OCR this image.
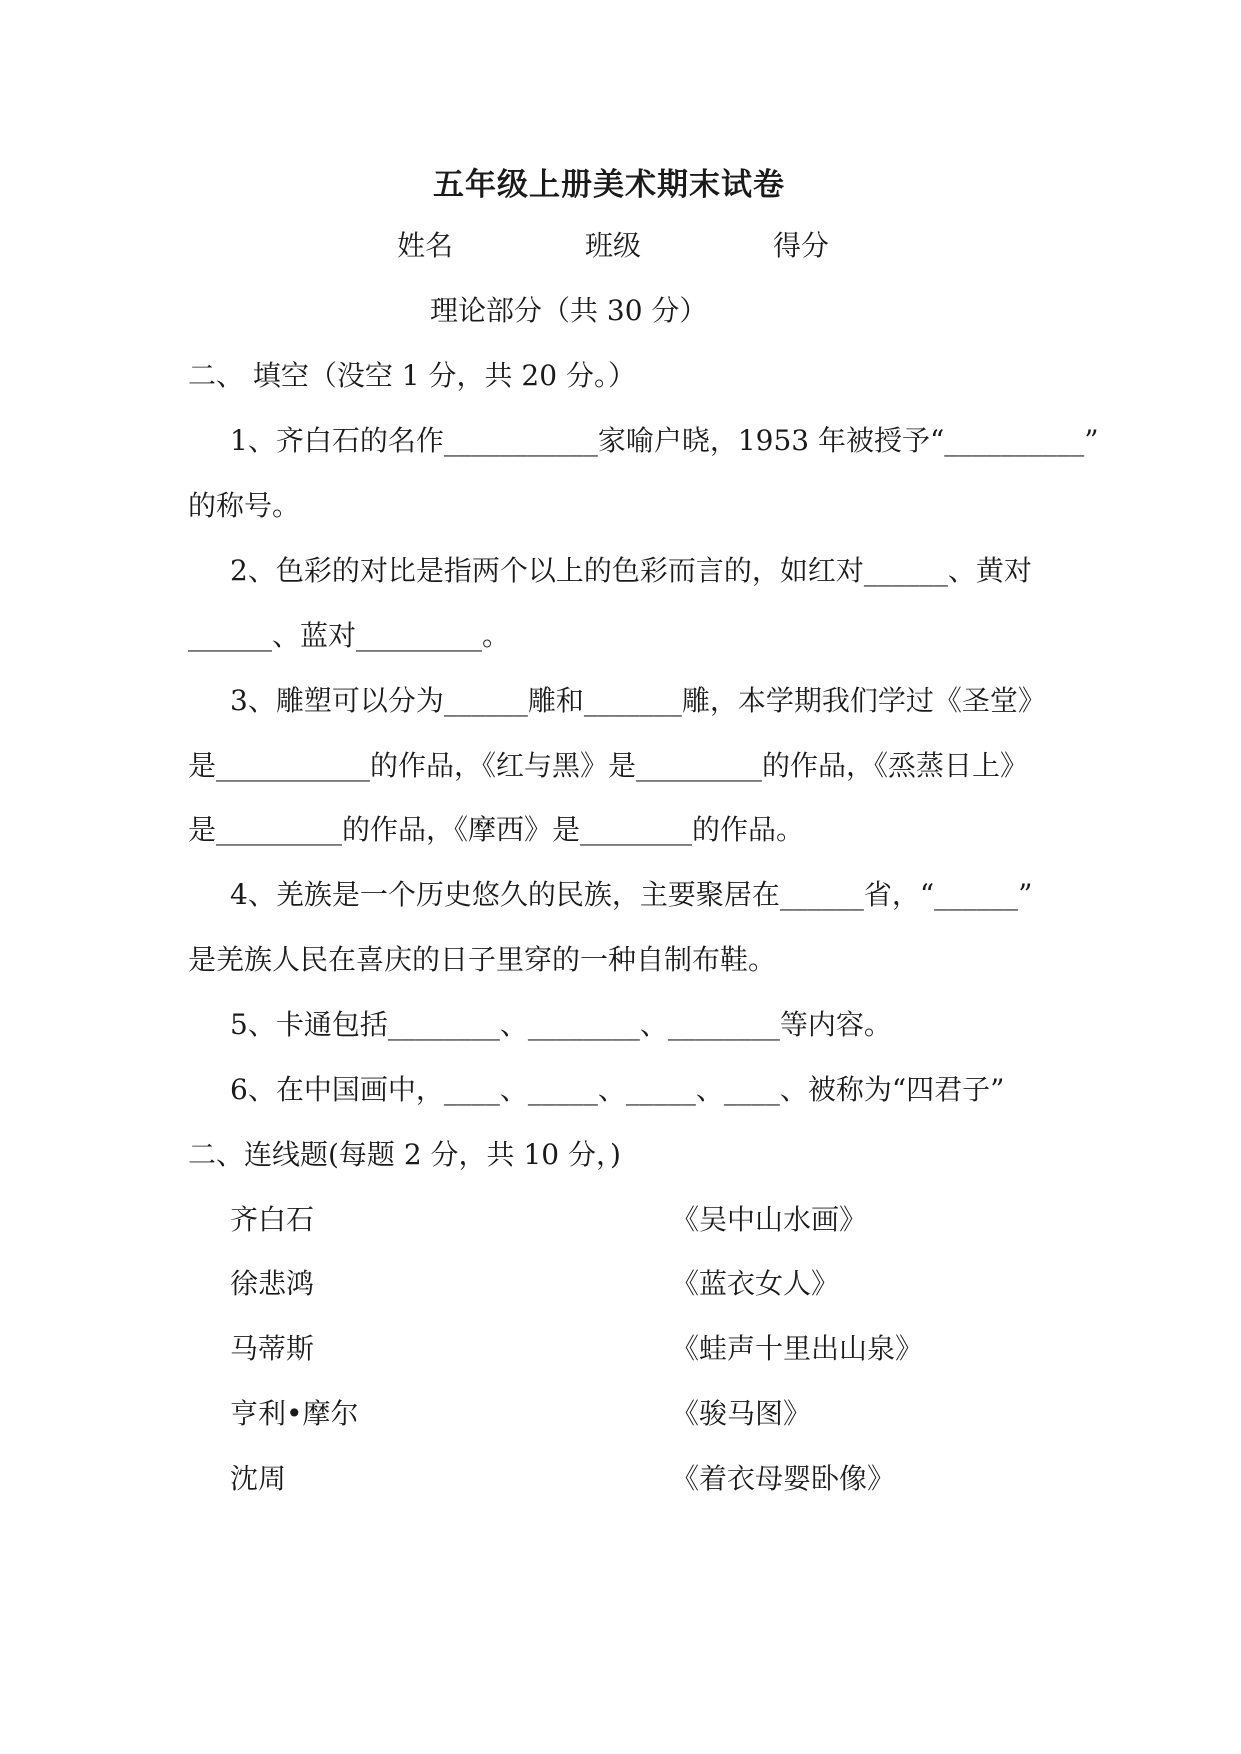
五年级上册美术期末试卷
姓名	班级	得分
理论部分（共 30 分）
二、 填空（没空 1 分，共 20 分。）
1、齐白石的名作___________家喻户晓，1953 年被授予“__________”
的称号。
2、色彩的对比是指两个以上的色彩而言的，如红对______、黄对
______、蓝对_________。
3、雕塑可以分为______雕和_______雕，本学期我们学过《圣堂》
是___________的作品，《红与黑》是_________的作品，《烝蒸日上》
是_________的作品，《摩西》是________的作品。
4、羌族是一个历史悠久的民族，主要聚居在______省，“______”
是羌族人民在喜庆的日子里穿的一种自制布鞋。
5、卡通包括________、________、________等内容。
6、在中国画中，____、_____、_____、____、被称为“四君子”
二、连线题(每题 2 分，共 10 分，)
齐白石
徐悲鸿
马蒂斯
亨利•摩尔
沈周
《吴中山水画》
《蓝衣女人》
《蛙声十里出山泉》
《骏马图》
《着衣母婴卧像》
